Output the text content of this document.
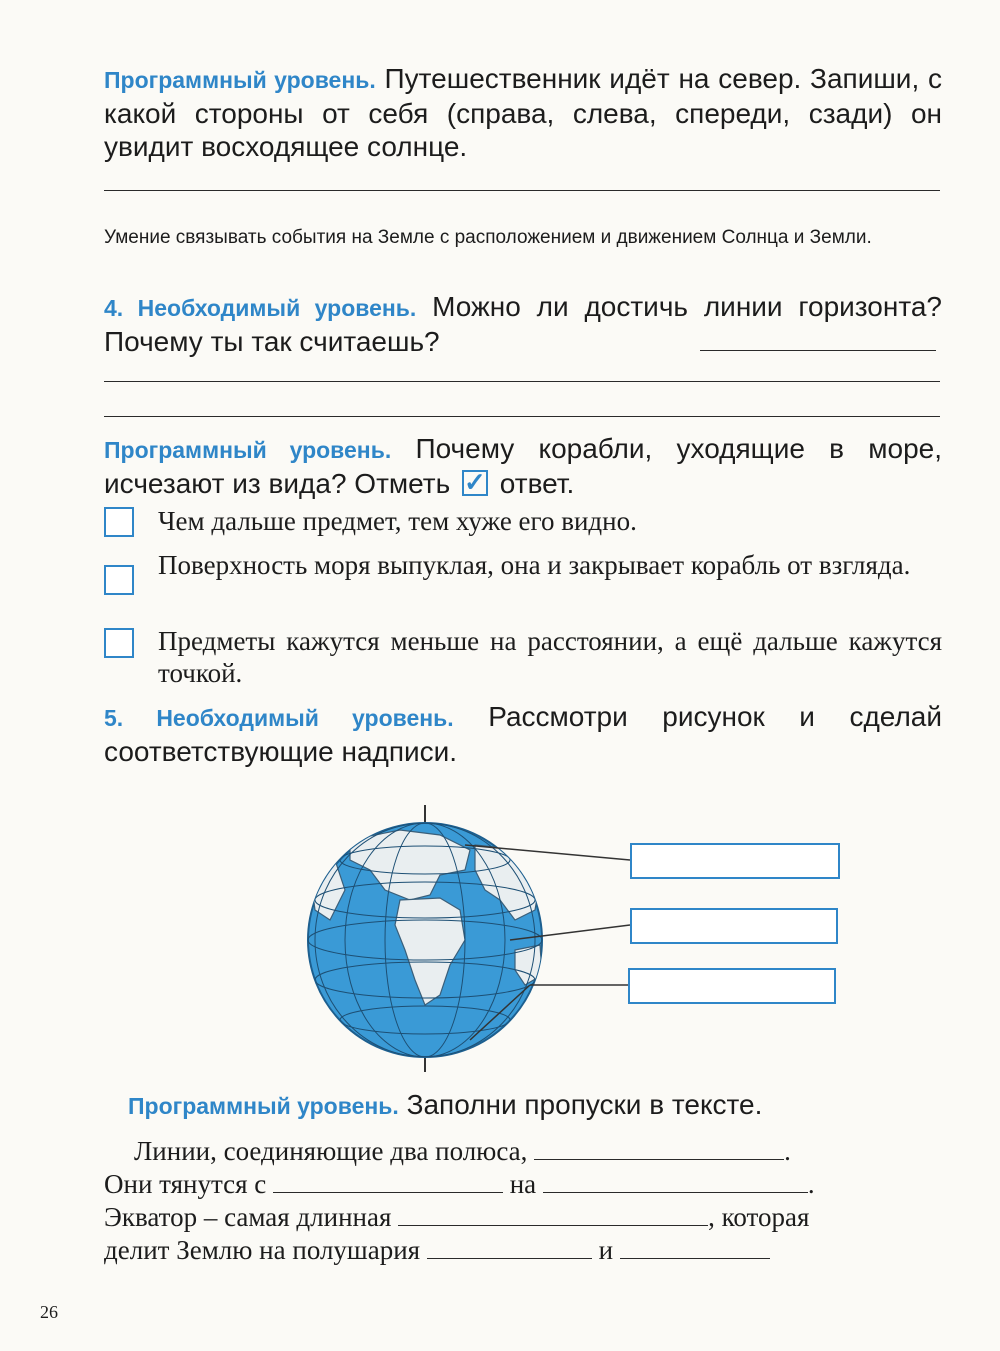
Программный уровень. Путешественник идёт на север. Запиши, с какой стороны от себя (справа, слева, спереди, сзади) он увидит восходящее солнце.
Умение связывать события на Земле с расположением и движением Солнца и Земли.
4. Необходимый уровень. Можно ли достичь линии горизонта? Почему ты так считаешь?
Программный уровень. Почему корабли, уходящие в море, исчезают из вида? Отметь ✓ ответ.
Чем дальше предмет, тем хуже его видно.
Поверхность моря выпуклая, она и закрывает корабль от взгляда.
Предметы кажутся меньше на расстоянии, а ещё дальше кажутся точкой.
5. Необходимый уровень. Рассмотри рисунок и сделай соответствующие надписи.
Программный уровень. Заполни пропуски в тексте.
Линии, соединяющие два полюса,	.
Они тянутся с	на	.
Экватор – самая длинная	, которая
делит Землю на полушария	и
26
